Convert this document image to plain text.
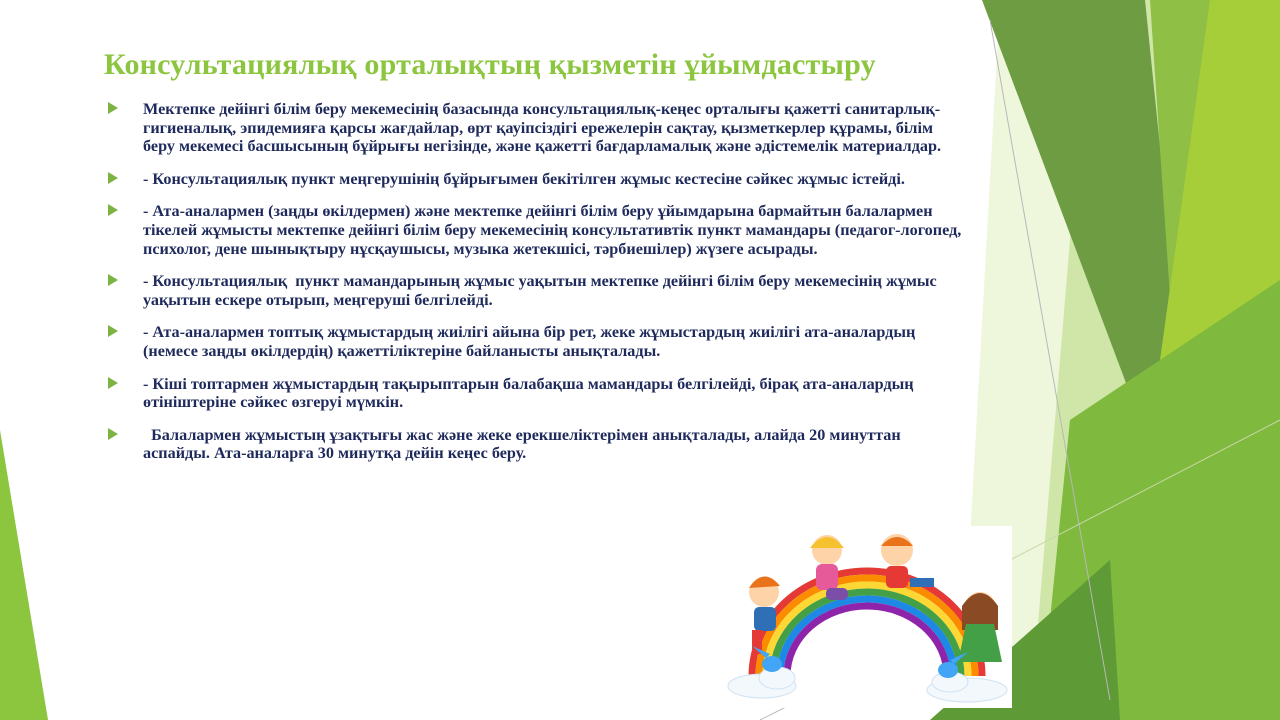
Консультациялық орталықтың қызметін ұйымдастыру
Мектепке дейінгі білім беру мекемесінің базасында консультациялық-кеңес орталығы қажетті санитарлық-гигиеналық, эпидемияға қарсы жағдайлар, өрт қауіпсіздігі ережелерін сақтау, қызметкерлер құрамы, білім беру мекемесі басшысының бұйрығы негізінде, және қажетті бағдарламалық және әдістемелік материалдар.
- Консультациялық пункт меңгерушінің бұйрығымен бекітілген жұмыс кестесіне сәйкес жұмыс істейді.
- Ата-аналармен (заңды өкілдермен) және мектепке дейінгі білім беру ұйымдарына бармайтын балалармен тікелей жұмысты мектепке дейінгі білім беру мекемесінің консультативтік пункт мамандары (педагог-логопед, психолог, дене шынықтыру нұсқаушысы, музыка жетекшісі, тәрбиешілер) жүзеге асырады.
- Консультациялық  пункт мамандарының жұмыс уақытын мектепке дейінгі білім беру мекемесінің жұмыс уақытын ескере отырып, меңгеруші белгілейді.
- Ата-аналармен топтық жұмыстардың жиілігі айына бір рет, жеке жұмыстардың жиілігі ата-аналардың (немесе заңды өкілдердің) қажеттіліктеріне байланысты анықталады.
- Кіші топтармен жұмыстардың тақырыптарын балабақша мамандары белгілейді, бірақ ата-аналардың өтініштеріне сәйкес өзгеруі мүмкін.
Балалармен жұмыстың ұзақтығы жас және жеке ерекшеліктерімен анықталады, алайда 20 минуттан аспайды. Ата-аналарға 30 минутқа дейін кеңес беру.
